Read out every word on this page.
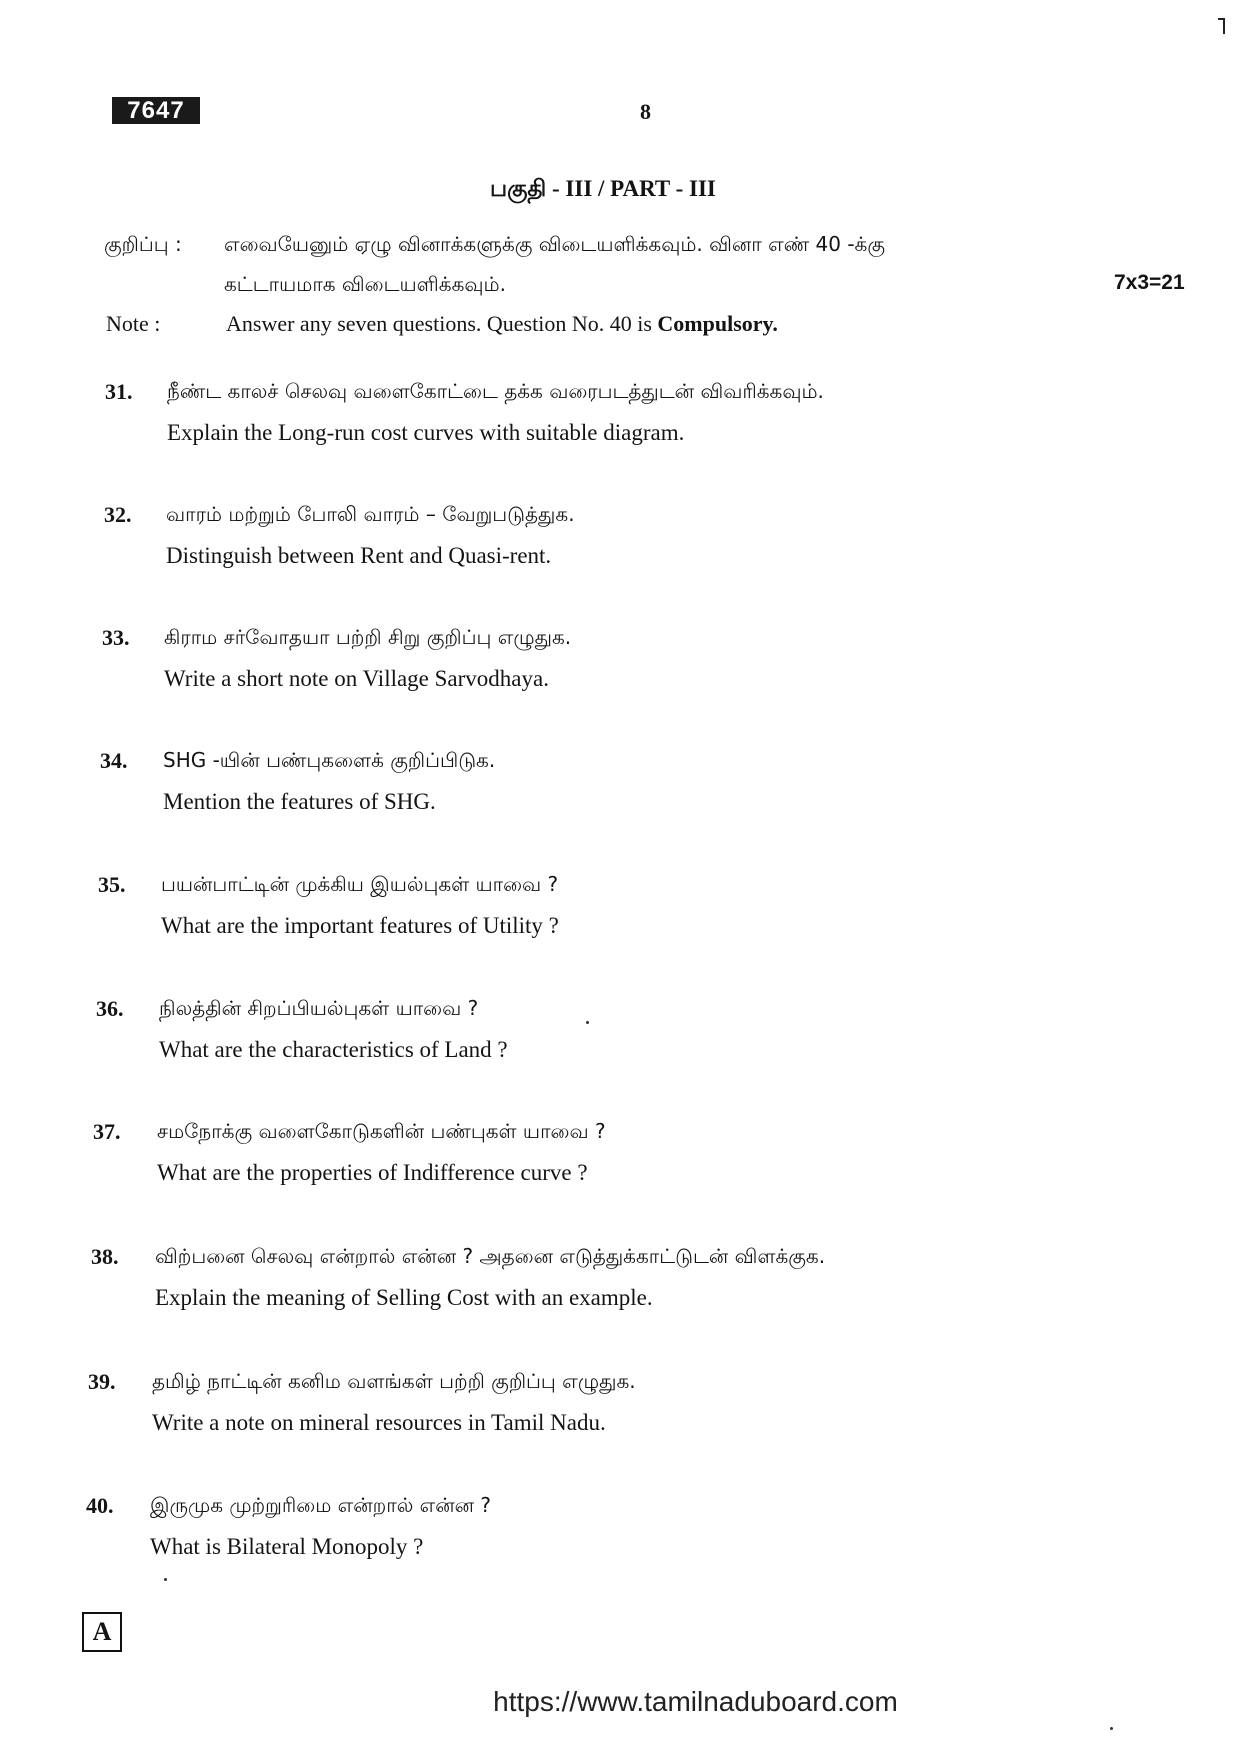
7647	8
பகுதி - III / PART - III
குறிப்பு : எவையேனும் ஏழு வினாக்களுக்கு விடையளிக்கவும். வினா எண் 40 -க்கு
கட்டாயமாக விடையளிக்கவும்.	7x3=21
Note :	Answer any seven questions. Question No. 40 is Compulsory.
31. நீண்ட காலச் செலவு வளைகோட்டை தக்க வரைபடத்துடன் விவரிக்கவும்.
Explain the Long-run cost curves with suitable diagram.
32. வாரம் மற்றும் போலி வாரம் – வேறுபடுத்துக.
Distinguish between Rent and Quasi-rent.
33. கிராம சர்வோதயா பற்றி சிறு குறிப்பு எழுதுக.
Write a short note on Village Sarvodhaya.
34. SHG -யின் பண்புகளைக் குறிப்பிடுக.
Mention the features of SHG.
35. பயன்பாட்டின் முக்கிய இயல்புகள் யாவை ?
What are the important features of Utility ?
36. நிலத்தின் சிறப்பியல்புகள் யாவை ?
What are the characteristics of Land ?
37. சமநோக்கு வளைகோடுகளின் பண்புகள் யாவை ?
What are the properties of Indifference curve ?
38. விற்பனை செலவு என்றால் என்ன ? அதனை எடுத்துக்காட்டுடன் விளக்குக.
Explain the meaning of Selling Cost with an example.
39. தமிழ் நாட்டின் கனிம வளங்கள் பற்றி குறிப்பு எழுதுக.
Write a note on mineral resources in Tamil Nadu.
40. இருமுக முற்றுரிமை என்றால் என்ன ?
What is Bilateral Monopoly ?
A
https://www.tamilnaduboard.com
